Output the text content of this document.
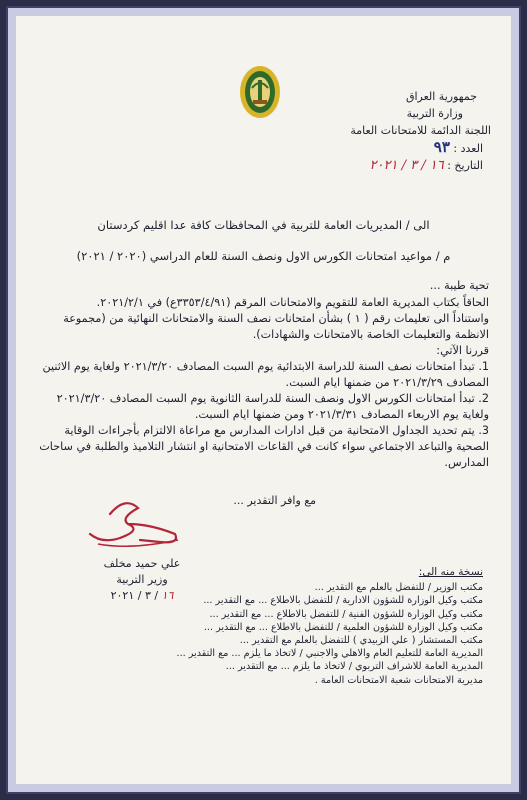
جمهورية العراق
وزارة التربية
اللجنة الدائمة للامتحانات العامة
العدد : ٩٣
التاريخ : ١٦ / ٣ / ٢٠٢١
الى / المديريات العامة للتربية في المحافظات كافة عدا اقليم كردستان
م / مواعيد امتحانات الكورس الاول ونصف السنة للعام الدراسي (٢٠٢٠ / ٢٠٢١)

تحية طيبة ...

الحاقاً بكتاب المديرية العامة للتقويم والامتحانات المرقم (٣٣٥٣/٤/٩١ع) في ٢٠٢١/٢/١.

واستناداً الى تعليمات رقم ( ١ ) بشأن امتحانات نصف السنة والامتحانات النهائية من (مجموعة الانظمة والتعليمات الخاصة بالامتحانات والشهادات).

قررنا الآتي:

1. تبدأ امتحانات نصف السنة للدراسة الابتدائية يوم السبت المصادف ٢٠٢١/٣/٢٠ ولغاية يوم الاثنين المصادف ٢٠٢١/٣/٢٩ من ضمنها ايام السبت.

2. تبدأ امتحانات الكورس الاول ونصف السنة للدراسة الثانوية يوم السبت المصادف ٢٠٢١/٣/٢٠ ولغاية يوم الاربعاء المصادف ٢٠٢١/٣/٣١ ومن ضمنها ايام السبت.

3. يتم تحديد الجداول الامتحانية من قبل ادارات المدارس مع مراعاة الالتزام بأجراءات الوقاية الصحية والتباعد الاجتماعي سواء كانت في القاعات الامتحانية او انتشار التلاميذ والطلبة في ساحات المدارس.

مع وافر التقدير ...
علي حميد مخلف
وزير التربية
١٦ / ٣ / ٢٠٢١
نسخة منه الى:
مكتب الوزير / للتفضل بالعلم مع التقدير ...
مكتب وكيل الوزارة للشؤون الادارية / للتفضل بالاطلاع ... مع التقدير ...
مكتب وكيل الوزارة للشؤون الفنية / للتفضل بالاطلاع ... مع التقدير ...
مكتب وكيل الوزارة للشؤون العلمية / للتفضل بالاطلاع ... مع التقدير ...
مكتب المستشار ( علي الزبيدي ) للتفضل بالعلم مع التقدير ...
المديرية العامة للتعليم العام والاهلي والاجنبي / لاتخاذ ما يلزم ... مع التقدير ...
المديرية العامة للاشراف التربوي / لاتخاذ ما يلزم ... مع التقدير ...
مديرية الامتحانات شعبة الامتحانات العامة .
